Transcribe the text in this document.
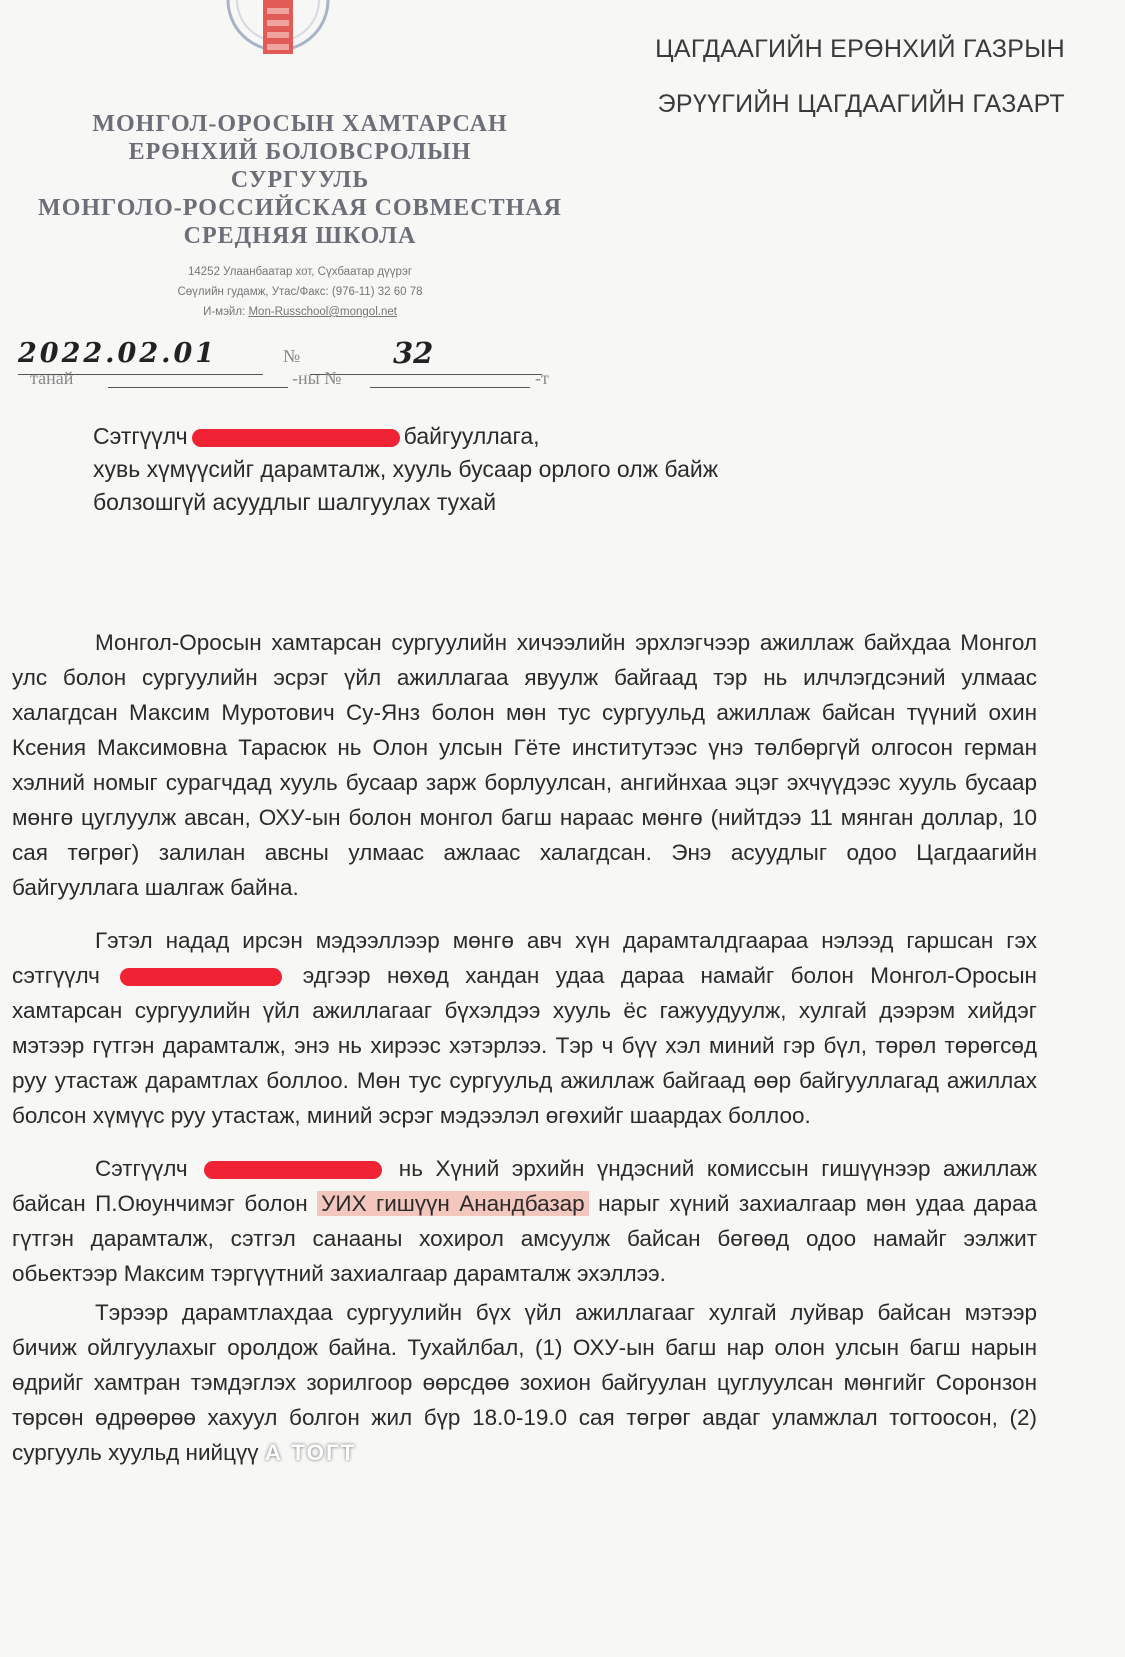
МОНГОЛ-ОРОСЫН ХАМТАРСАН
ЕРӨНХИЙ БОЛОВСРОЛЫН
СУРГУУЛЬ
МОНГОЛО-РОССИЙСКАЯ СОВМЕСТНАЯ
СРЕДНЯЯ ШКОЛА
14252 Улаанбаатар хот, Сүхбаатар дүүрэг
Сөүлийн гудамж, Утас/Факс: (976-11) 32 60 78
И-мэйл: Mon-Russchool@mongol.net
ЦАГДААГИЙН ЕРӨНХИЙ ГАЗРЫН
ЭРҮҮГИЙН ЦАГДААГИЙН ГАЗАРТ
2022.02.01	№	32
танай	-ны №	-т
Сэтгүүлч	байгууллага,
хувь хүмүүсийг дарамталж, хууль бусаар орлого олж байж
болзошгүй асуудлыг шалгуулах тухай

Монгол-Оросын хамтарсан сургуулийн хичээлийн эрхлэгчээр ажиллаж байхдаа Монгол улс болон сургуулийн эсрэг үйл ажиллагаа явуулж байгаад тэр нь илчлэгдсэний улмаас халагдсан Максим Муротович Су-Янз болон мөн тус сургуульд ажиллаж байсан түүний охин Ксения Максимовна Тарасюк нь Олон улсын Гёте институтээс үнэ төлбөргүй олгосон герман хэлний номыг сурагчдад хууль бусаар зарж борлуулсан, ангийнхаа эцэг эхчүүдээс хууль бусаар мөнгө цуглуулж авсан, ОХУ-ын болон монгол багш нараас мөнгө (нийтдээ 11 мянган доллар, 10 сая төгрөг) залилан авсны улмаас ажлаас халагдсан. Энэ асуудлыг одоо Цагдаагийн байгууллага шалгаж байна.

Гэтэл надад ирсэн мэдээллээр мөнгө авч хүн дарамталдгаараа нэлээд гаршсан гэх сэтгүүлч	эдгээр нөхөд хандан удаа дараа намайг болон Монгол-Оросын хамтарсан сургуулийн үйл ажиллагааг бүхэлдээ хууль ёс гажуудуулж, хулгай дээрэм хийдэг мэтээр гүтгэн дарамталж, энэ нь хирээс хэтэрлээ. Тэр ч бүү хэл миний гэр бүл, төрөл төрөгсөд руу утастаж дарамтлах боллоо. Мөн тус сургуульд ажиллаж байгаад өөр байгууллагад ажиллах болсон хүмүүс руу утастаж, миний эсрэг мэдээлэл өгөхийг шаардах боллоо.

Сэтгүүлч	нь Хүний эрхийн үндэсний комиссын гишүүнээр ажиллаж байсан П.Оюунчимэг болон УИХ гишүүн Анандбазар нарыг хүний захиалгаар мөн удаа дараа гүтгэн дарамталж, сэтгэл санааны хохирол амсуулж байсан бөгөөд одоо намайг ээлжит обьектээр Максим тэргүүтний захиалгаар дарамталж эхэллээ.

Тэрээр дарамтлахдаа сургуулийн бүх үйл ажиллагааг хулгай луйвар байсан мэтээр бичиж ойлгуулахыг оролдож байна. Тухайлбал, (1) ОХУ-ын багш нар олон улсын багш нарын өдрийг хамтран тэмдэглэх зорилгоор өөрсдөө зохион байгуулан цуглуулсан мөнгийг Соронзон төрсөн өдрөөрөө хахуул болгон жил бүр 18.0-19.0 сая төгрөг авдаг уламжлал тогтоосон, (2) сургууль хуульд нийцүү А ТОГТ
